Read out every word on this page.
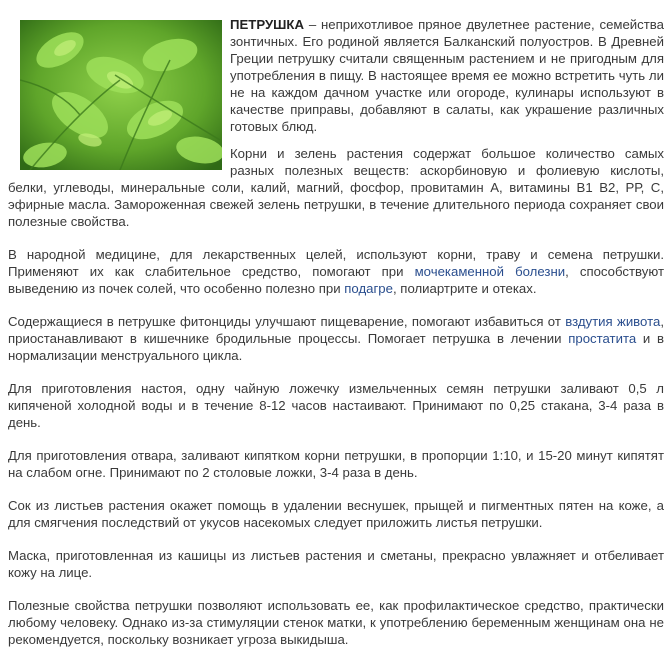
ПЕТРУШКА – неприхотливое пряное двулетнее растение, семейства зонтичных. Его родиной является Балканский полуостров. В Древней Греции петрушку считали священным растением и не пригодным для употребления в пищу. В настоящее время ее можно встретить чуть ли не на каждом дачном участке или огороде, кулинары используют в качестве приправы, добавляют в салаты, как украшение различных готовых блюд.

Корни и зелень растения содержат большое количество самых разных полезных веществ: аскорбиновую и фолиевую кислоты, белки, углеводы, минеральные соли, калий, магний, фосфор, провитамин А, витамины В1 В2, РР, С, эфирные масла. Замороженная свежей зелень петрушки, в течение длительного периода сохраняет свои полезные свойства.

В народной медицине, для лекарственных целей, используют корни, траву и семена петрушки. Применяют их как слабительное средство, помогают при мочекаменной болезни, способствуют выведению из почек солей, что особенно полезно при подагре, полиартрите и отеках.

Содержащиеся в петрушке фитонциды улучшают пищеварение, помогают избавиться от вздутия живота, приостанавливают в кишечнике бродильные процессы. Помогает петрушка в лечении простатита и в нормализации менструального цикла.

Для приготовления настоя, одну чайную ложечку измельченных семян петрушки заливают 0,5 л кипяченой холодной воды и в течение 8-12 часов настаивают. Принимают по 0,25 стакана, 3-4 раза в день.

Для приготовления отвара, заливают кипятком корни петрушки, в пропорции 1:10, и 15-20 минут кипятят на слабом огне. Принимают по 2 столовые ложки, 3-4 раза в день.

Сок из листьев растения окажет помощь в удалении веснушек, прыщей и пигментных пятен на коже, а для смягчения последствий от укусов насекомых следует приложить листья петрушки.

Маска, приготовленная из кашицы из листьев растения и сметаны, прекрасно увлажняет и отбеливает кожу на лице.

Полезные свойства петрушки позволяют использовать ее, как профилактическое средство, практически любому человеку. Однако из-за стимуляции стенок матки, к употреблению беременным женщинам она не рекомендуется, поскольку возникает угроза выкидыша.
